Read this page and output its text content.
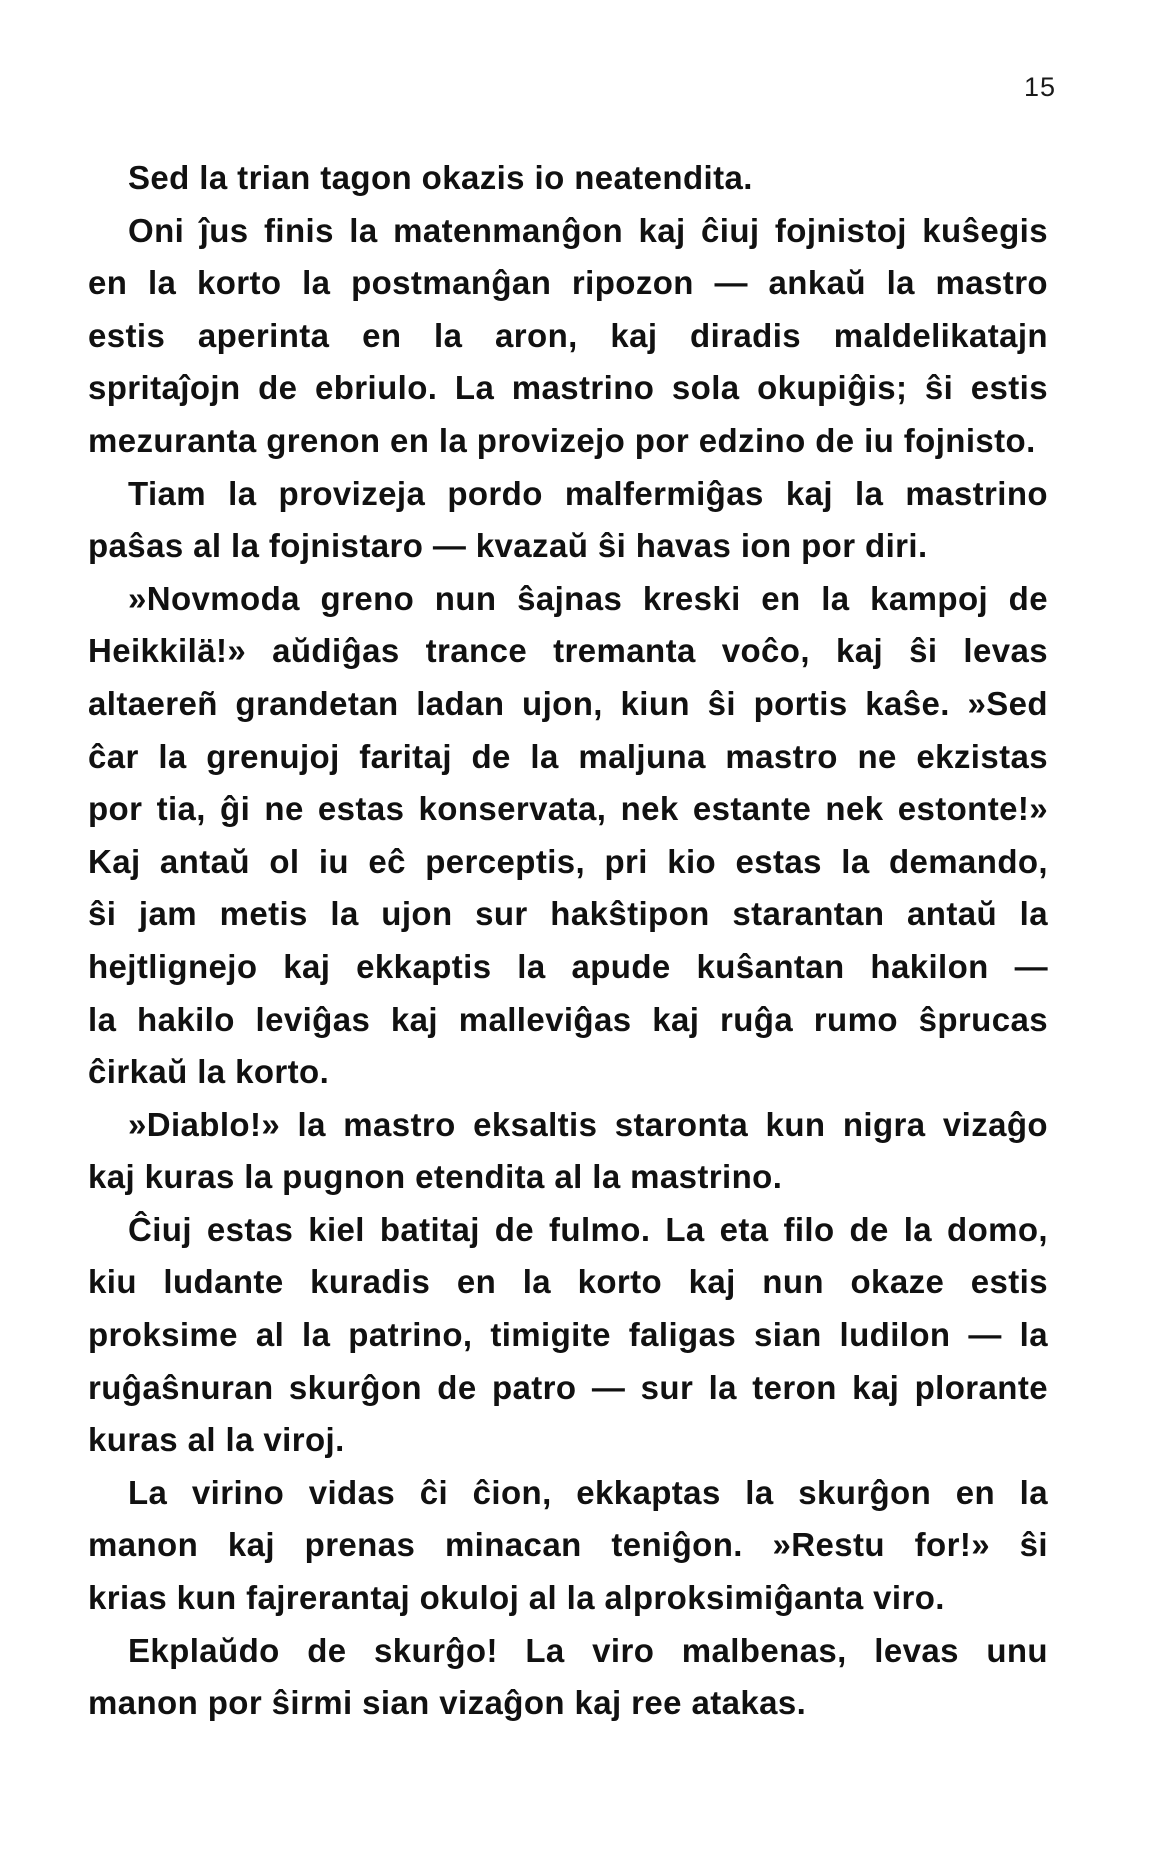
15
Sed la trian tagon okazis io neatendita.
Oni ĵus finis la matenmanĝon kaj ĉiuj fojnistoj kuŝegis
en la korto la postmanĝan ripozon — ankaŭ la mastro
estis aperinta en la aron, kaj diradis maldelikatajn
spritaĵojn de ebriulo. La mastrino sola okupiĝis; ŝi estis
mezuranta grenon en la provizejo por edzino de iu fojnisto.
Tiam la provizeja pordo malfermiĝas kaj la mastrino
paŝas al la fojnistaro — kvazaŭ ŝi havas ion por diri.
»Novmoda greno nun ŝajnas kreski en la kampoj de
Heikkilä!» aŭdiĝas trance tremanta voĉo, kaj ŝi levas
altaereñ grandetan ladan ujon, kiun ŝi portis kaŝe. »Sed
ĉar la grenujoj faritaj de la maljuna mastro ne ekzistas
por tia, ĝi ne estas konservata, nek estante nek estonte!»
Kaj antaŭ ol iu eĉ perceptis, pri kio estas la demando,
ŝi jam metis la ujon sur hakŝtipon starantan antaŭ la
hejtlignejo kaj ekkaptis la apude kuŝantan hakilon —
la hakilo leviĝas kaj malleviĝas kaj ruĝa rumo ŝprucas
ĉirkaŭ la korto.
»Diablo!» la mastro eksaltis staronta kun nigra vizaĝo
kaj kuras la pugnon etendita al la mastrino.
Ĉiuj estas kiel batitaj de fulmo. La eta filo de la domo,
kiu ludante kuradis en la korto kaj nun okaze estis
proksime al la patrino, timigite faligas sian ludilon — la
ruĝaŝnuran skurĝon de patro — sur la teron kaj plorante
kuras al la viroj.
La virino vidas ĉi ĉion, ekkaptas la skurĝon en la
manon kaj prenas minacan teniĝon. »Restu for!» ŝi
krias kun fajrerantaj okuloj al la alproksimiĝanta viro.
Ekplaŭdo de skurĝo! La viro malbenas, levas unu
manon por ŝirmi sian vizaĝon kaj ree atakas.
